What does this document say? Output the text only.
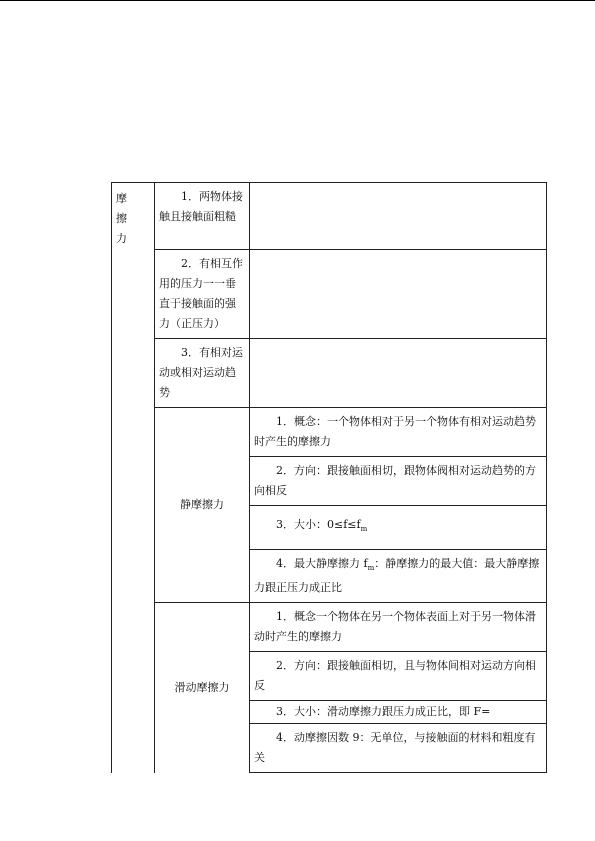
摩
擦
力	1．两物体接触且接触面粗糙	
	2．有相互作用的压力一一垂直于接触面的强力（正压力）	
	3．有相对运动或相对运动趋势	
	静摩擦力	1．概念：一个物体相对于另一个物体有相对运动趋势时产生的摩擦力
		2．方向：跟接触面相切，跟物体阀相对运动趋势的方向相反
		3．大小：$0\le f\le f_m$
		4．最大静摩擦力 $f_m$：静摩擦力的最大值：最大静摩擦力跟正压力成正比
	滑动摩擦力	1．概念一个物体在另一个物体表面上对于另一物体滑动时产生的摩擦力
		2．方向：跟接触面相切，且与物体间相对运动方向相反
		3．大小：滑动摩擦力跟压力成正比，即 F=
		4．动摩擦因数 9：无单位，与接触面的材料和粗度有关
